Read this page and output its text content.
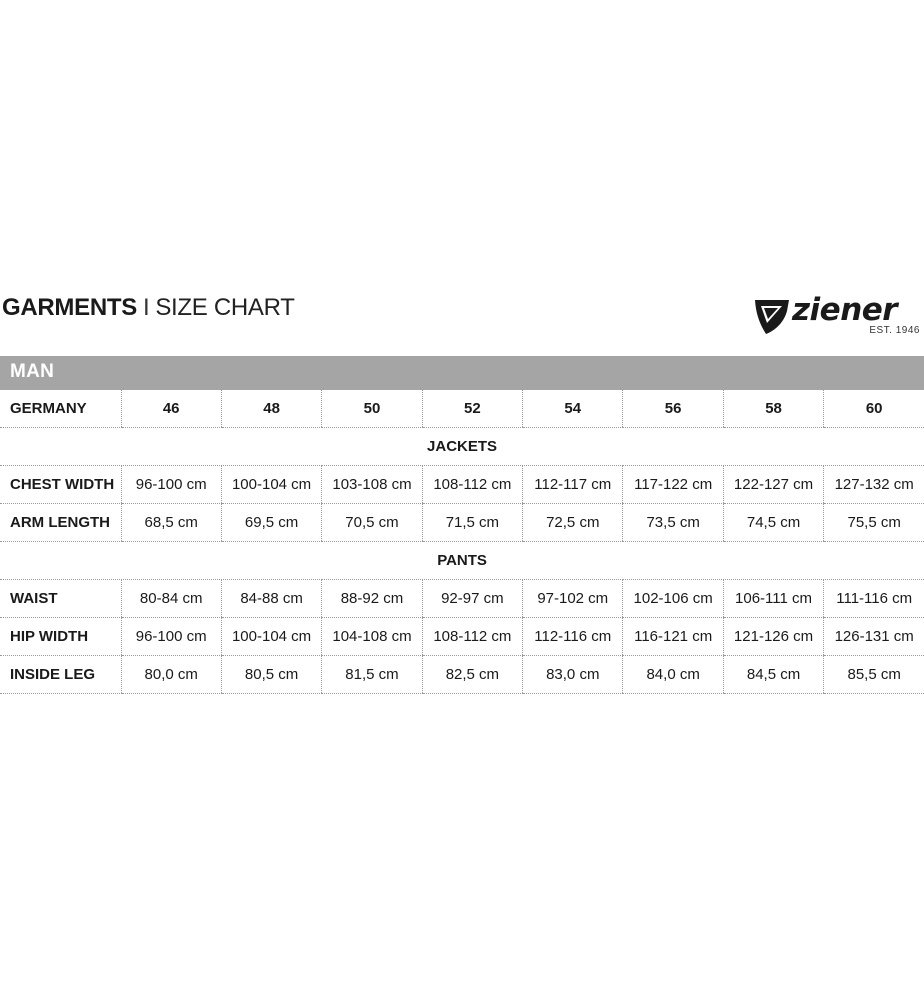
GARMENTS I SIZE CHART	ziener
EST. 1946
MAN
GERMANY	46	48	50	52	54	56	58	60
JACKETS								
CHEST WIDTH	96-100 cm	100-104 cm	103-108 cm	108-112 cm	112-117 cm	117-122 cm	122-127 cm	127-132 cm
ARM LENGTH	68,5 cm	69,5 cm	70,5 cm	71,5 cm	72,5 cm	73,5 cm	74,5 cm	75,5 cm
PANTS								
WAIST	80-84 cm	84-88 cm	88-92 cm	92-97 cm	97-102 cm	102-106 cm	106-111 cm	111-116 cm
HIP WIDTH	96-100 cm	100-104 cm	104-108 cm	108-112 cm	112-116 cm	116-121 cm	121-126 cm	126-131 cm
INSIDE LEG	80,0 cm	80,5 cm	81,5 cm	82,5 cm	83,0 cm	84,0 cm	84,5 cm	85,5 cm
